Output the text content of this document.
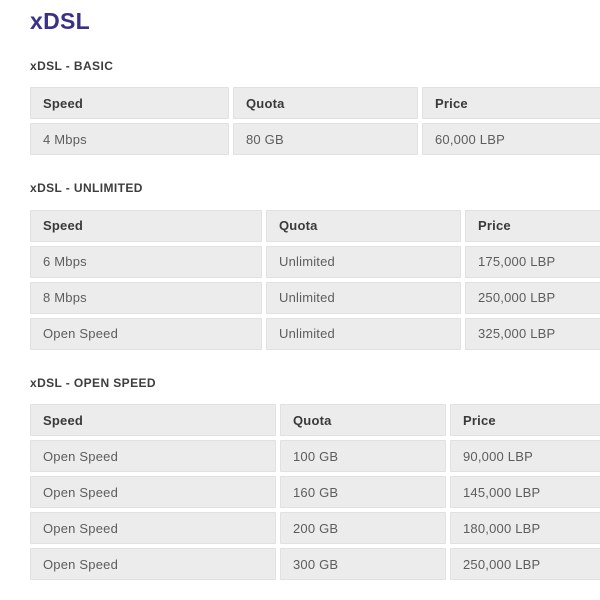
xDSL
xDSL - BASIC
Speed	Quota	Price
4 Mbps	80 GB	60,000 LBP
xDSL - UNLIMITED
Speed	Quota	Price
6 Mbps	Unlimited	175,000 LBP
8 Mbps	Unlimited	250,000 LBP
Open Speed	Unlimited	325,000 LBP
xDSL - OPEN SPEED
Speed	Quota	Price
Open Speed	100 GB	90,000 LBP
Open Speed	160 GB	145,000 LBP
Open Speed	200 GB	180,000 LBP
Open Speed	300 GB	250,000 LBP
